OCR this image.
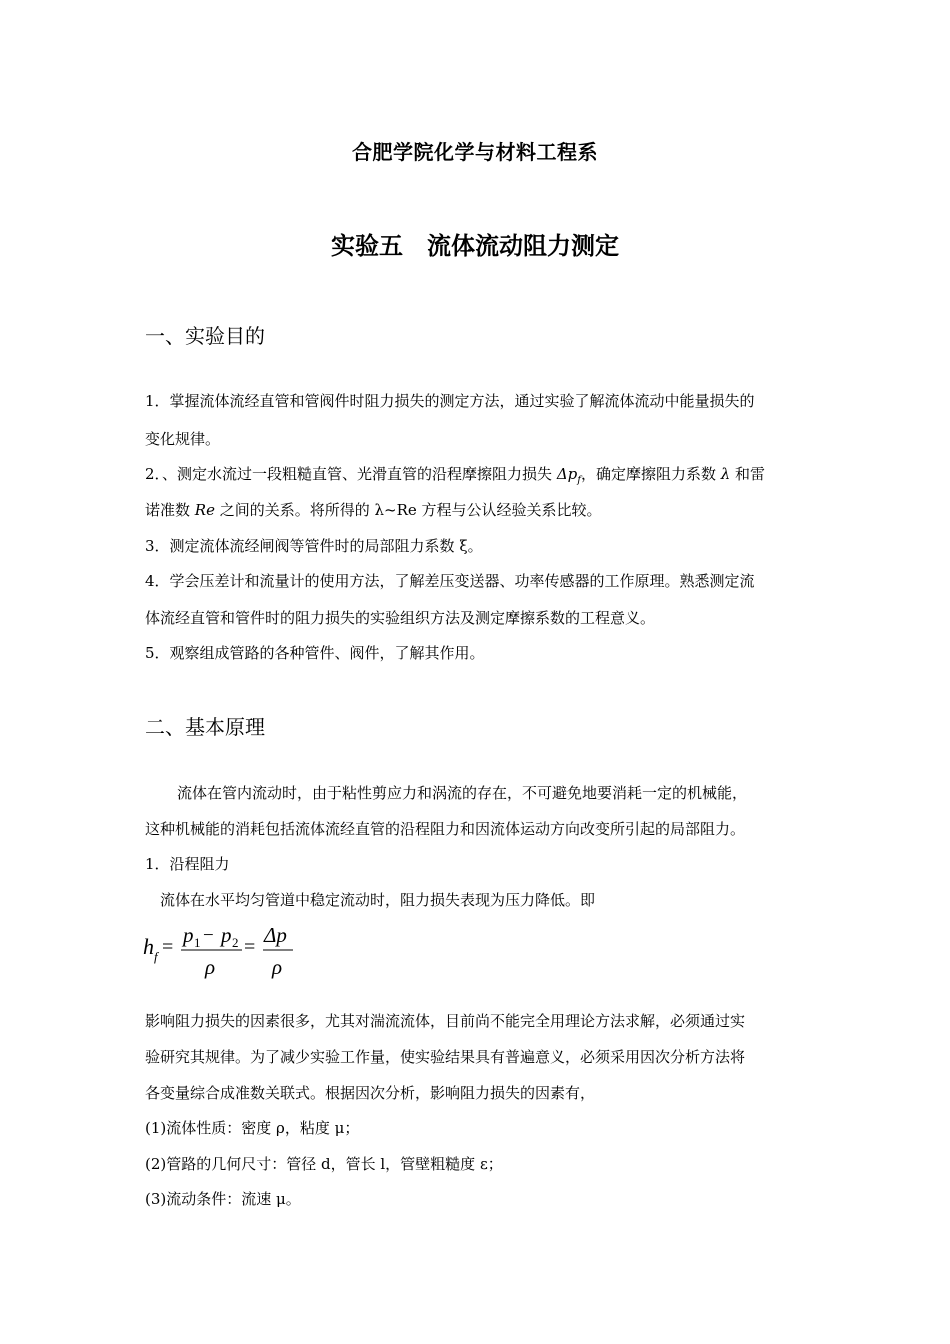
合肥学院化学与材料工程系
实验五　流体流动阻力测定
一、实验目的
1．掌握流体流经直管和管阀件时阻力损失的测定方法，通过实验了解流体流动中能量损失的
变化规律。
2．、测定水流过一段粗糙直管、光滑直管的沿程摩擦阻力损失 $\Delta p_f$，确定摩擦阻力系数 λ 和雷
诺准数 Re 之间的关系。将所得的 λ~Re 方程与公认经验关系比较。
3．测定流体流经闸阀等管件时的局部阻力系数 ξ。
4．学会压差计和流量计的使用方法，了解差压变送器、功率传感器的工作原理。熟悉测定流
体流经直管和管件时的阻力损失的实验组织方法及测定摩擦系数的工程意义。
5．观察组成管路的各种管件、阀件，了解其作用。
二、基本原理
流体在管内流动时，由于粘性剪应力和涡流的存在，不可避免地要消耗一定的机械能，
这种机械能的消耗包括流体流经直管的沿程阻力和因流体运动方向改变所引起的局部阻力。
1．沿程阻力
流体在水平均匀管道中稳定流动时，阻力损失表现为压力降低。即
h f = p 1 − p 2
ρ
= Δp
ρ
影响阻力损失的因素很多，尤其对湍流流体，目前尚不能完全用理论方法求解，必须通过实
验研究其规律。为了减少实验工作量，使实验结果具有普遍意义，必须采用因次分析方法将
各变量综合成准数关联式。根据因次分析，影响阻力损失的因素有，
(1)流体性质：密度 ρ，粘度 μ；
(2)管路的几何尺寸：管径 d，管长 l，管壁粗糙度 ε；
(3)流动条件：流速 μ。
